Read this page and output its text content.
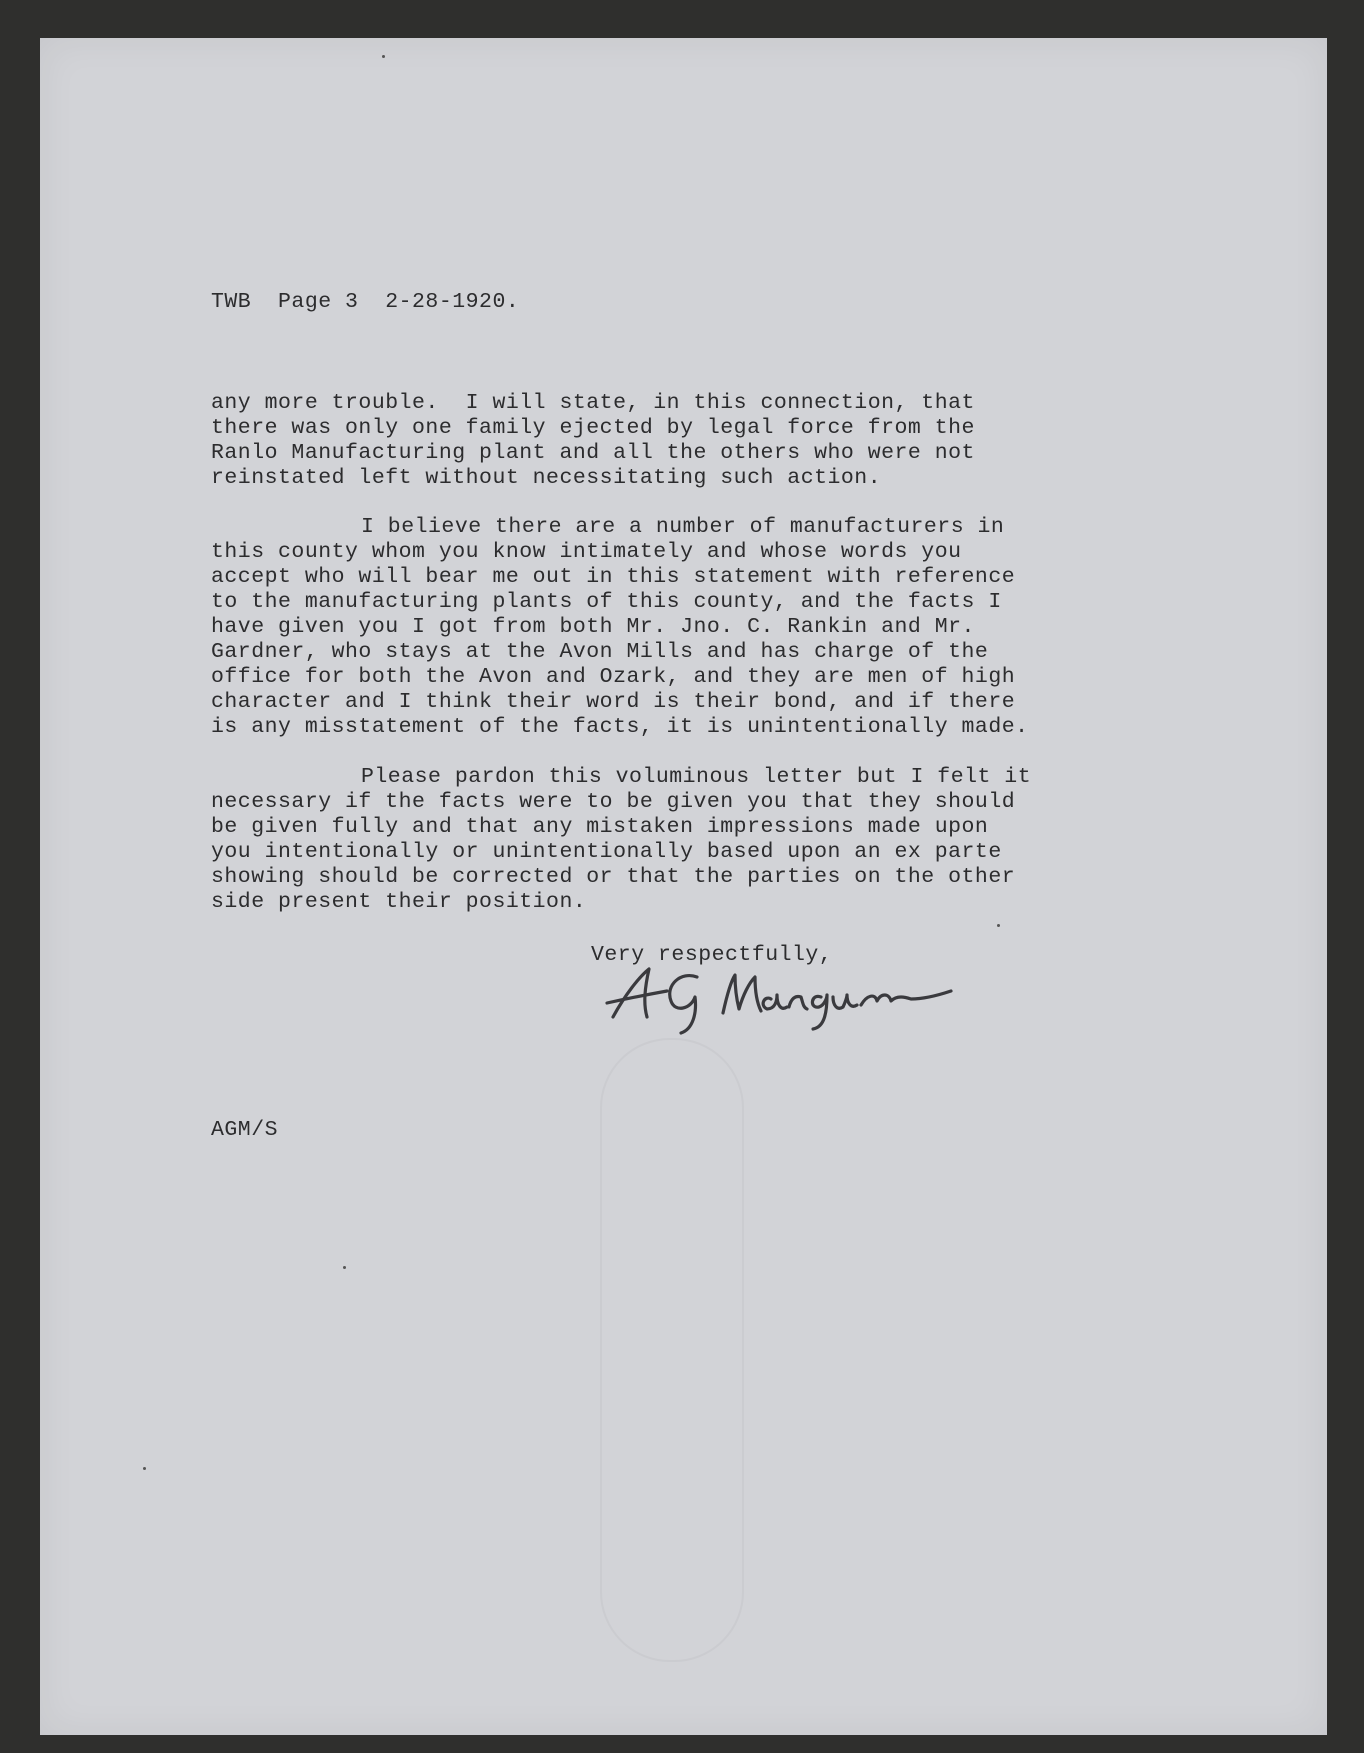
TWB  Page 3  2-28-1920.

any more trouble.  I will state, in this connection, that

there was only one family ejected by legal force from the

Ranlo Manufacturing plant and all the others who were not

reinstated left without necessitating such action.

I believe there are a number of manufacturers in

this county whom you know intimately and whose words you

accept who will bear me out in this statement with reference

to the manufacturing plants of this county, and the facts I

have given you I got from both Mr. Jno. C. Rankin and Mr.

Gardner, who stays at the Avon Mills and has charge of the

office for both the Avon and Ozark, and they are men of high

character and I think their word is their bond, and if there

is any misstatement of the facts, it is unintentionally made.

Please pardon this voluminous letter but I felt it

necessary if the facts were to be given you that they should

be given fully and that any mistaken impressions made upon

you intentionally or unintentionally based upon an ex parte

showing should be corrected or that the parties on the other

side present their position.

Very respectfully,

AGM/S
